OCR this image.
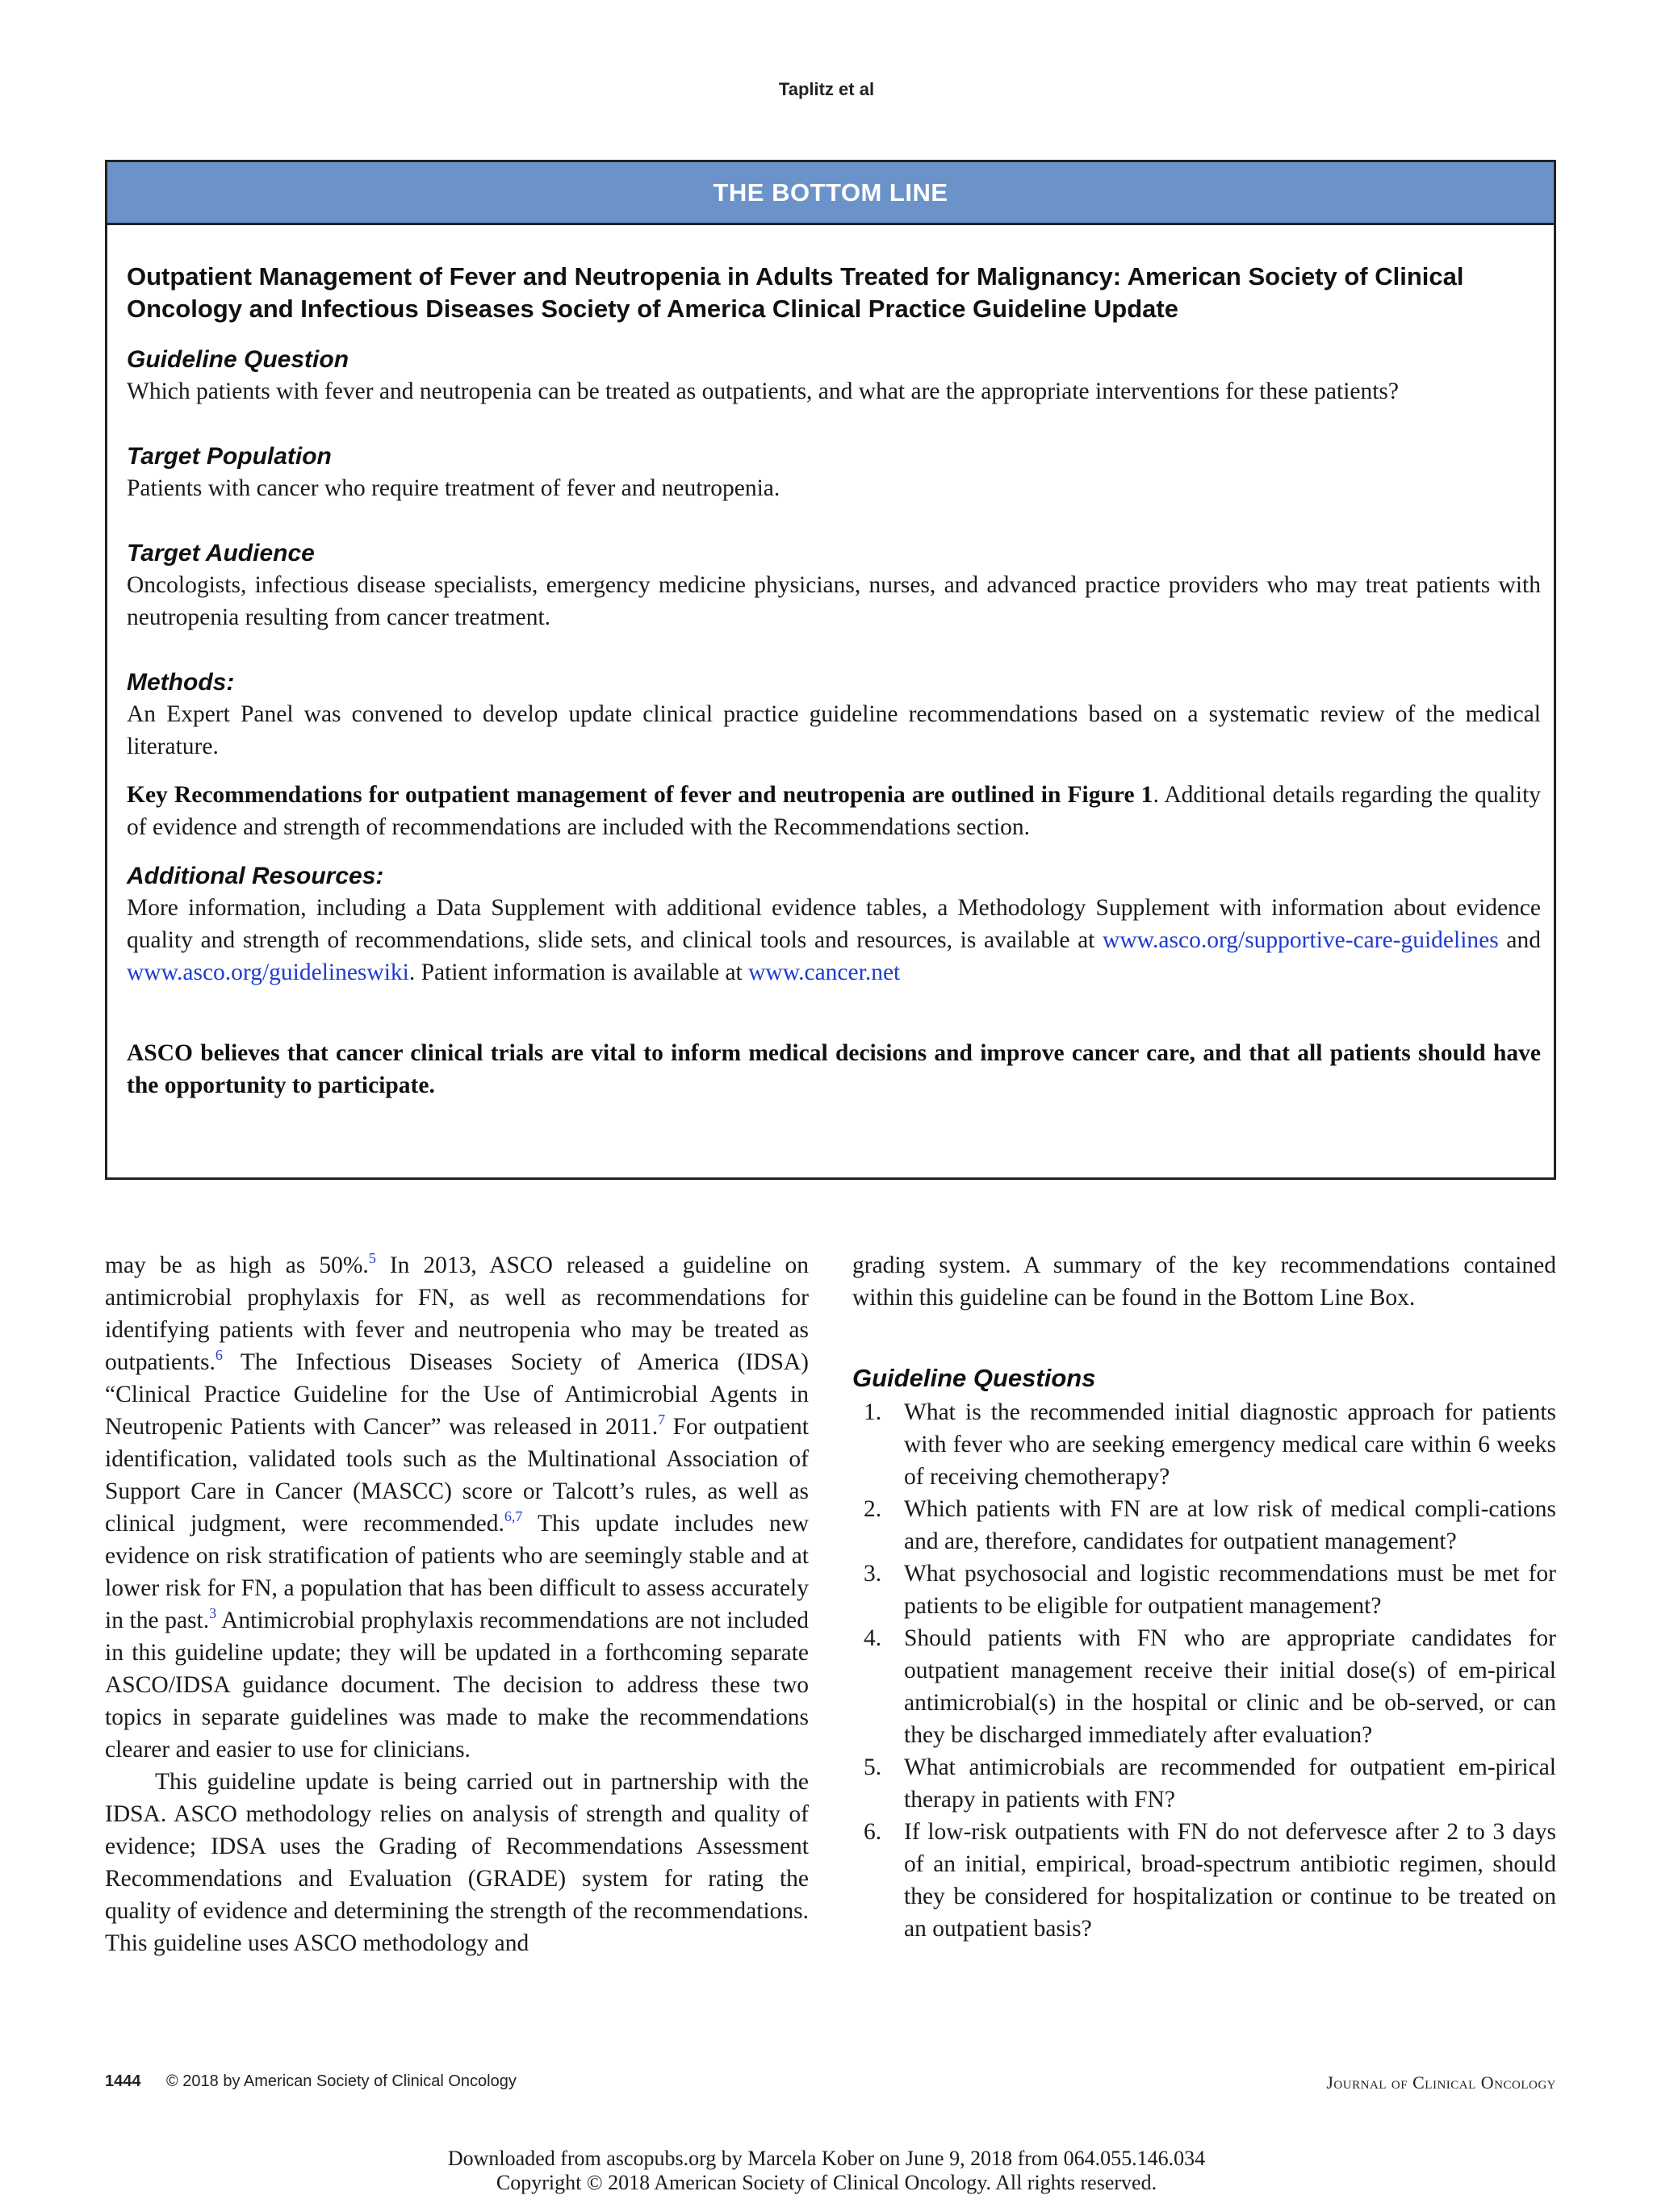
Taplitz et al
THE BOTTOM LINE
Outpatient Management of Fever and Neutropenia in Adults Treated for Malignancy: American Society of Clinical Oncology and Infectious Diseases Society of America Clinical Practice Guideline Update
Guideline Question
Which patients with fever and neutropenia can be treated as outpatients, and what are the appropriate interventions for these patients?
Target Population
Patients with cancer who require treatment of fever and neutropenia.
Target Audience
Oncologists, infectious disease specialists, emergency medicine physicians, nurses, and advanced practice providers who may treat patients with neutropenia resulting from cancer treatment.
Methods:
An Expert Panel was convened to develop update clinical practice guideline recommendations based on a systematic review of the medical literature.
Key Recommendations for outpatient management of fever and neutropenia are outlined in Figure 1. Additional details regarding the quality of evidence and strength of recommendations are included with the Recommendations section.
Additional Resources:
More information, including a Data Supplement with additional evidence tables, a Methodology Supplement with information about evidence quality and strength of recommendations, slide sets, and clinical tools and resources, is available at www.asco.org/supportive-care-guidelines and www.asco.org/guidelineswiki. Patient information is available at www.cancer.net
ASCO believes that cancer clinical trials are vital to inform medical decisions and improve cancer care, and that all patients should have the opportunity to participate.

may be as high as 50%.$^5$ In 2013, ASCO released a guideline on antimicrobial prophylaxis for FN, as well as recommendations for identifying patients with fever and neutropenia who may be treated as outpatients.$^6$ The Infectious Diseases Society of America (IDSA) “Clinical Practice Guideline for the Use of Antimicrobial Agents in Neutropenic Patients with Cancer” was released in 2011.$^7$ For outpatient identification, validated tools such as the Multinational Association of Support Care in Cancer (MASCC) score or Talcott’s rules, as well as clinical judgment, were recommended.$^{6,7}$ This update includes new evidence on risk stratification of patients who are seemingly stable and at lower risk for FN, a population that has been difficult to assess accurately in the past.$^3$ Antimicrobial prophylaxis recommendations are not included in this guideline update; they will be updated in a forthcoming separate ASCO/IDSA guidance document. The decision to address these two topics in separate guidelines was made to make the recommendations clearer and easier to use for clinicians.

This guideline update is being carried out in partnership with the IDSA. ASCO methodology relies on analysis of strength and quality of evidence; IDSA uses the Grading of Recommendations Assessment Recommendations and Evaluation (GRADE) system for rating the quality of evidence and determining the strength of the recommendations. This guideline uses ASCO methodology and

grading system. A summary of the key recommendations contained within this guideline can be found in the Bottom Line Box.

Guideline Questions
1. What is the recommended initial diagnostic approach for patients with fever who are seeking emergency medical care within 6 weeks of receiving chemotherapy?
2. Which patients with FN are at low risk of medical compli-cations and are, therefore, candidates for outpatient management?
3. What psychosocial and logistic recommendations must be met for patients to be eligible for outpatient management?
4. Should patients with FN who are appropriate candidates for outpatient management receive their initial dose(s) of em-pirical antimicrobial(s) in the hospital or clinic and be ob-served, or can they be discharged immediately after evaluation?
5. What antimicrobials are recommended for outpatient em-pirical therapy in patients with FN?
6. If low-risk outpatients with FN do not defervesce after 2 to 3 days of an initial, empirical, broad-spectrum antibiotic regimen, should they be considered for hospitalization or continue to be treated on an outpatient basis?
1444 © 2018 by American Society of Clinical Oncology	Journal of Clinical Oncology
Downloaded from ascopubs.org by Marcela Kober on June 9, 2018 from 064.055.146.034
Copyright © 2018 American Society of Clinical Oncology. All rights reserved.
